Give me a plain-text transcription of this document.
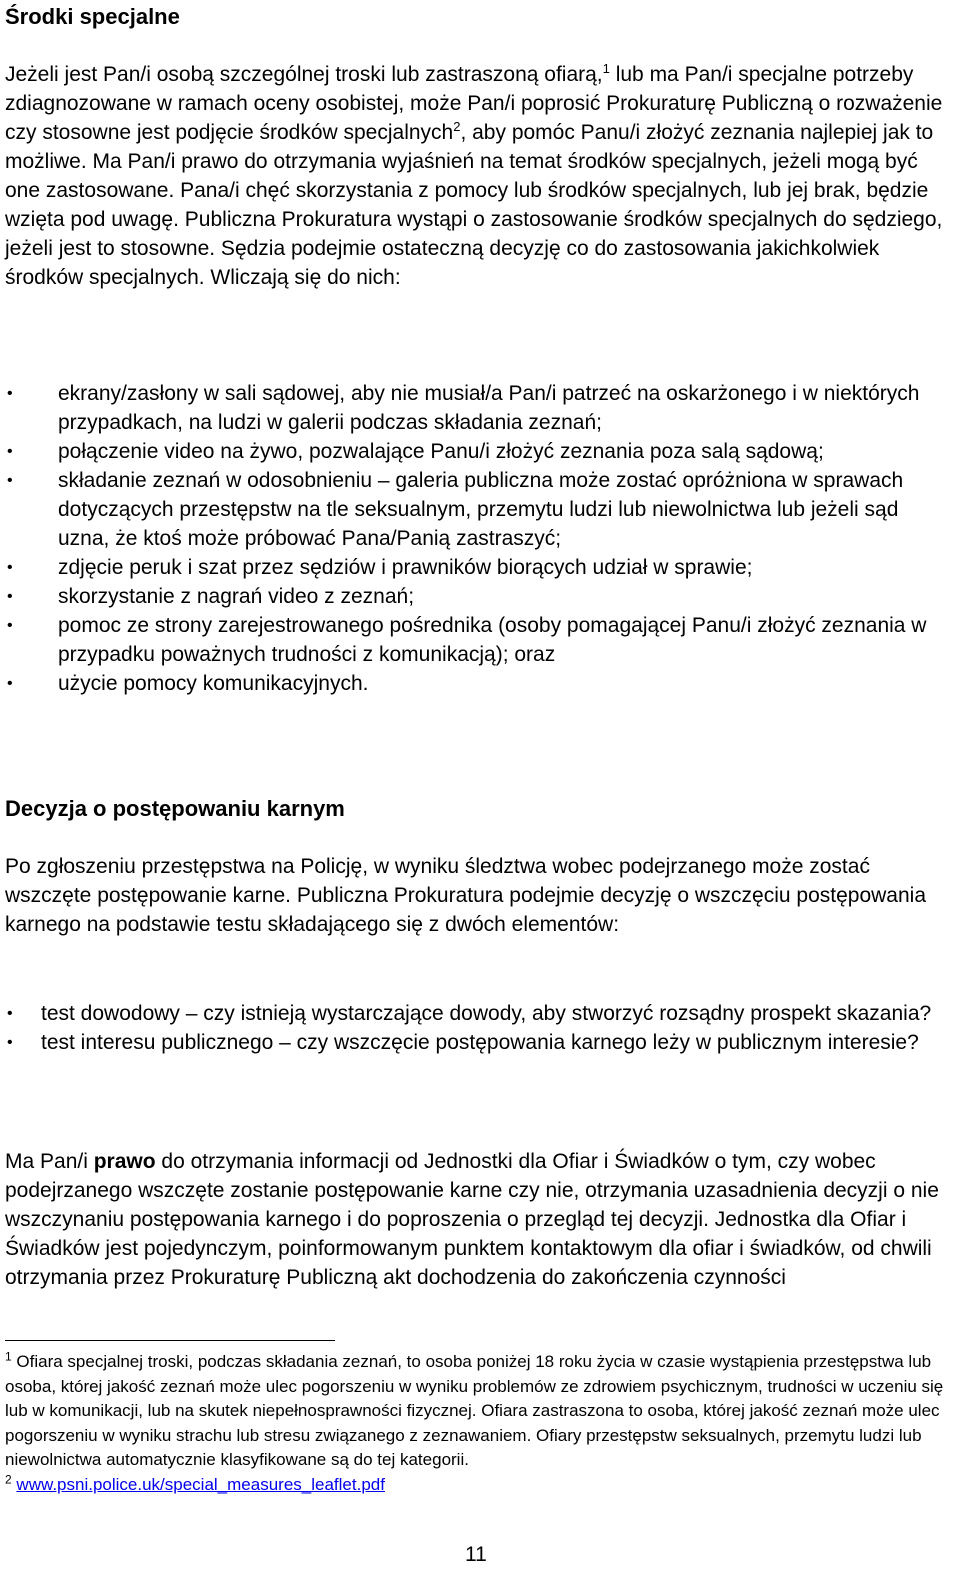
Środki specjalne

Jeżeli jest Pan/i osobą szczególnej troski lub zastraszoną ofiarą,$^1$ lub ma Pan/i specjalne potrzeby zdiagnozowane w ramach oceny osobistej, może Pan/i poprosić Prokuraturę Publiczną o rozważenie czy stosowne jest podjęcie środków specjalnych$^2$, aby pomóc Panu/i złożyć zeznania najlepiej jak to możliwe. Ma Pan/i prawo do otrzymania wyjaśnień na temat środków specjalnych, jeżeli mogą być one zastosowane. Pana/i chęć skorzystania z pomocy lub środków specjalnych, lub jej brak, będzie wzięta pod uwagę. Publiczna Prokuratura wystąpi o zastosowanie środków specjalnych do sędziego, jeżeli jest to stosowne. Sędzia podejmie ostateczną decyzję co do zastosowania jakichkolwiek środków specjalnych. Wliczają się do nich:

•	ekrany/zasłony w sali sądowej, aby nie musiał/a Pan/i patrzeć na oskarżonego i w niektórych przypadkach, na ludzi w galerii podczas składania zeznań;
•	połączenie video na żywo, pozwalające Panu/i złożyć zeznania poza salą sądową;
•	składanie zeznań w odosobnieniu – galeria publiczna może zostać opróżniona w sprawach dotyczących przestępstw na tle seksualnym, przemytu ludzi lub niewolnictwa lub jeżeli sąd uzna, że ktoś może próbować Pana/Panią zastraszyć;
•	zdjęcie peruk i szat przez sędziów i prawników biorących udział w sprawie;
•	skorzystanie z nagrań video z zeznań;
•	pomoc ze strony zarejestrowanego pośrednika (osoby pomagającej Panu/i złożyć zeznania w przypadku poważnych trudności z komunikacją); oraz
•	użycie pomocy komunikacyjnych.
Decyzja o postępowaniu karnym

Po zgłoszeniu przestępstwa na Policję, w wyniku śledztwa wobec podejrzanego może zostać wszczęte postępowanie karne. Publiczna Prokuratura podejmie decyzję o wszczęciu postępowania karnego na podstawie testu składającego się z dwóch elementów:

•	test dowodowy – czy istnieją wystarczające dowody, aby stworzyć rozsądny prospekt skazania?
•	test interesu publicznego – czy wszczęcie postępowania karnego leży w publicznym interesie?

Ma Pan/i prawo do otrzymania informacji od Jednostki dla Ofiar i Świadków o tym, czy wobec podejrzanego wszczęte zostanie postępowanie karne czy nie, otrzymania uzasadnienia decyzji o nie wszczynaniu postępowania karnego i do poproszenia o przegląd tej decyzji. Jednostka dla Ofiar i Świadków jest pojedynczym, poinformowanym punktem kontaktowym dla ofiar i świadków, od chwili otrzymania przez Prokuraturę Publiczną akt dochodzenia do zakończenia czynności

$^1$ Ofiara specjalnej troski, podczas składania zeznań, to osoba poniżej 18 roku życia w czasie wystąpienia przestępstwa lub osoba, której jakość zeznań może ulec pogorszeniu w wyniku problemów ze zdrowiem psychicznym, trudności w uczeniu się lub w komunikacji, lub na skutek niepełnosprawności fizycznej. Ofiara zastraszona to osoba, której jakość zeznań może ulec pogorszeniu w wyniku strachu lub stresu związanego z zeznawaniem. Ofiary przestępstw seksualnych, przemytu ludzi lub niewolnictwa automatycznie klasyfikowane są do tej kategorii.

$^2$ www.psni.police.uk/special_measures_leaflet.pdf

11
